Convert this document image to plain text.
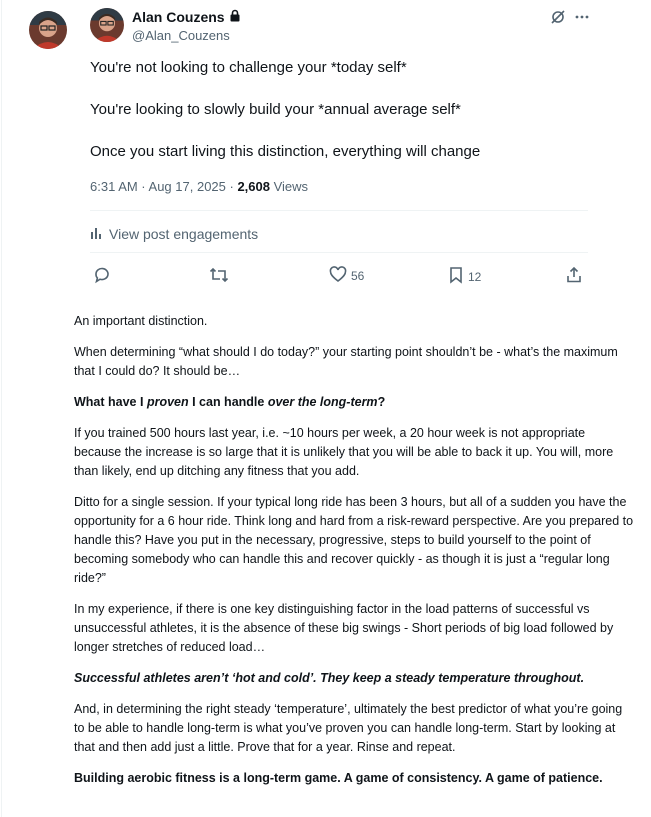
Alan Couzens
@Alan_Couzens
You're not looking to challenge your *today self*
You're looking to slowly build your *annual average self*
Once you start living this distinction, everything will change
6:31 AM · Aug 17, 2025 · 2,608 Views
View post engagements
56	12

An important distinction.

When determining “what should I do today?” your starting point shouldn’t be - what’s the maximum that I could do? It should be…

What have I proven I can handle over the long-term?

If you trained 500 hours last year, i.e. ~10 hours per week, a 20 hour week is not appropriate because the increase is so large that it is unlikely that you will be able to back it up. You will, more than likely, end up ditching any fitness that you add.

Ditto for a single session. If your typical long ride has been 3 hours, but all of a sudden you have the opportunity for a 6 hour ride. Think long and hard from a risk-reward perspective. Are you prepared to handle this? Have you put in the necessary, progressive, steps to build yourself to the point of becoming somebody who can handle this and recover quickly - as though it is just a “regular long ride?”

In my experience, if there is one key distinguishing factor in the load patterns of successful vs unsuccessful athletes, it is the absence of these big swings - Short periods of big load followed by longer stretches of reduced load…

Successful athletes aren’t ‘hot and cold’. They keep a steady temperature throughout.

And, in determining the right steady ‘temperature’, ultimately the best predictor of what you’re going to be able to handle long-term is what you’ve proven you can handle long-term. Start by looking at that and then add just a little. Prove that for a year. Rinse and repeat.

Building aerobic fitness is a long-term game. A game of consistency. A game of patience.
